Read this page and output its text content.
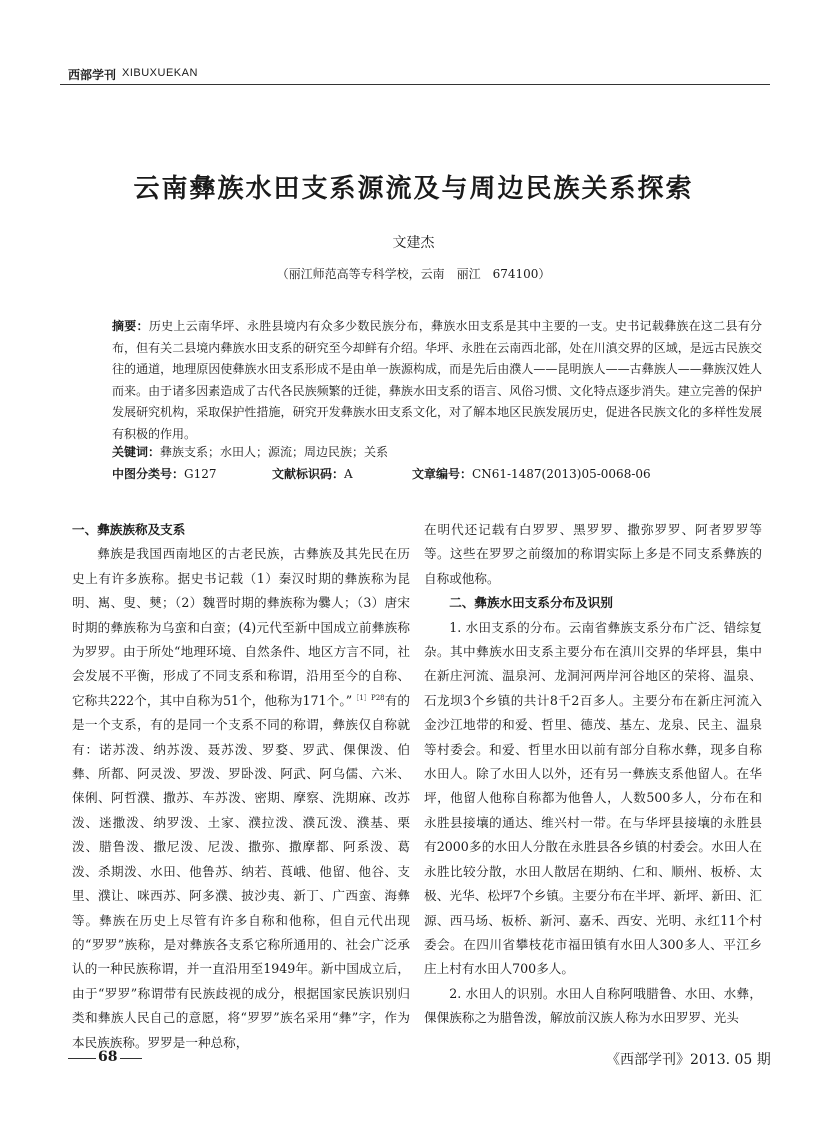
西部学刊 XIBUXUEKAN
云南彝族水田支系源流及与周边民族关系探索
文建杰
（丽江师范高等专科学校，云南　丽江　674100）
摘要：历史上云南华坪、永胜县境内有众多少数民族分布，彝族水田支系是其中主要的一支。史书记载彝族在这二县有分布，但有关二县境内彝族水田支系的研究至今却鲜有介绍。华坪、永胜在云南西北部，处在川滇交界的区域，是远古民族交往的通道，地理原因使彝族水田支系形成不是由单一族源构成，而是先后由濮人——昆明族人——古彝族人——彝族汉姓人而来。由于诸多因素造成了古代各民族频繁的迁徙，彝族水田支系的语言、风俗习惯、文化特点逐步消失。建立完善的保护发展研究机构，采取保护性措施，研究开发彝族水田支系文化，对了解本地区民族发展历史，促进各民族文化的多样性发展有积极的作用。
关键词：彝族支系；水田人；源流；周边民族；关系
中图分类号：G127	文献标识码：A	文章编号：CN61-1487(2013)05-0068-06
一、彝族族称及支系

彝族是我国西南地区的古老民族，古彝族及其先民在历史上有许多族称。据史书记载（1）秦汉时期的彝族称为昆明、嶲、叟、僰；（2）魏晋时期的彝族称为爨人；（3）唐宋时期的彝族称为乌蛮和白蛮；(4)元代至新中国成立前彝族称为罗罗。由于所处“地理环境、自然条件、地区方言不同，社会发展不平衡，形成了不同支系和称谓，沿用至今的自称、它称共222个，其中自称为51个，他称为171个。”$^{[1]P28}$有的是一个支系，有的是同一个支系不同的称谓，彝族仅自称就有：诺苏泼、纳苏泼、聂苏泼、罗婺、罗武、倮倮泼、伯彝、所都、阿灵泼、罗泼、罗卧泼、阿武、阿乌儒、六米、俫俐、阿哲濮、撒苏、车苏泼、密期、摩察、洗期麻、改苏泼、迷撒泼、纳罗泼、土家、濮拉泼、濮瓦泼、濮基、栗泼、腊鲁泼、撒尼泼、尼泼、撒弥、撒摩都、阿系泼、葛泼、杀期泼、水田、他鲁苏、纳若、莨峨、他留、他谷、支里、濮让、咪西苏、阿多濮、披沙夷、新丁、广西蛮、海彝等。彝族在历史上尽管有许多自称和他称，但自元代出现的“罗罗”族称，是对彝族各支系它称所通用的、社会广泛承认的一种民族称谓，并一直沿用至1949年。新中国成立后，由于“罗罗”称谓带有民族歧视的成分，根据国家民族识别归类和彝族人民自己的意愿，将“罗罗”族名采用“彝”字，作为本民族族称。罗罗是一种总称，

在明代还记载有白罗罗、黑罗罗、撒弥罗罗、阿者罗罗等等。这些在罗罗之前缀加的称谓实际上多是不同支系彝族的自称或他称。

二、彝族水田支系分布及识别

1. 水田支系的分布。云南省彝族支系分布广泛、错综复杂。其中彝族水田支系主要分布在滇川交界的华坪县，集中在新庄河流、温泉河、龙洞河两岸河谷地区的荣将、温泉、石龙坝3个乡镇的共计8千2百多人。主要分布在新庄河流入金沙江地带的和爱、哲里、德茂、基左、龙泉、民主、温泉等村委会。和爱、哲里水田以前有部分自称水彝，现多自称水田人。除了水田人以外，还有另一彝族支系他留人。在华坪，他留人他称自称都为他鲁人，人数500多人，分布在和永胜县接壤的通达、维兴村一带。在与华坪县接壤的永胜县有2000多的水田人分散在永胜县各乡镇的村委会。水田人在永胜比较分散，水田人散居在期纳、仁和、顺州、板桥、太极、光华、松坪7个乡镇。主要分布在半坪、新坪、新田、汇源、西马场、板桥、新河、嘉禾、西安、光明、永红11个村委会。在四川省攀枝花市福田镇有水田人300多人、平江乡庄上村有水田人700多人。

2. 水田人的识别。水田人自称阿哦腊鲁、水田、水彝，倮倮族称之为腊鲁泼，解放前汉族人称为水田罗罗、光头

68	《西部学刊》2013. 05 期
